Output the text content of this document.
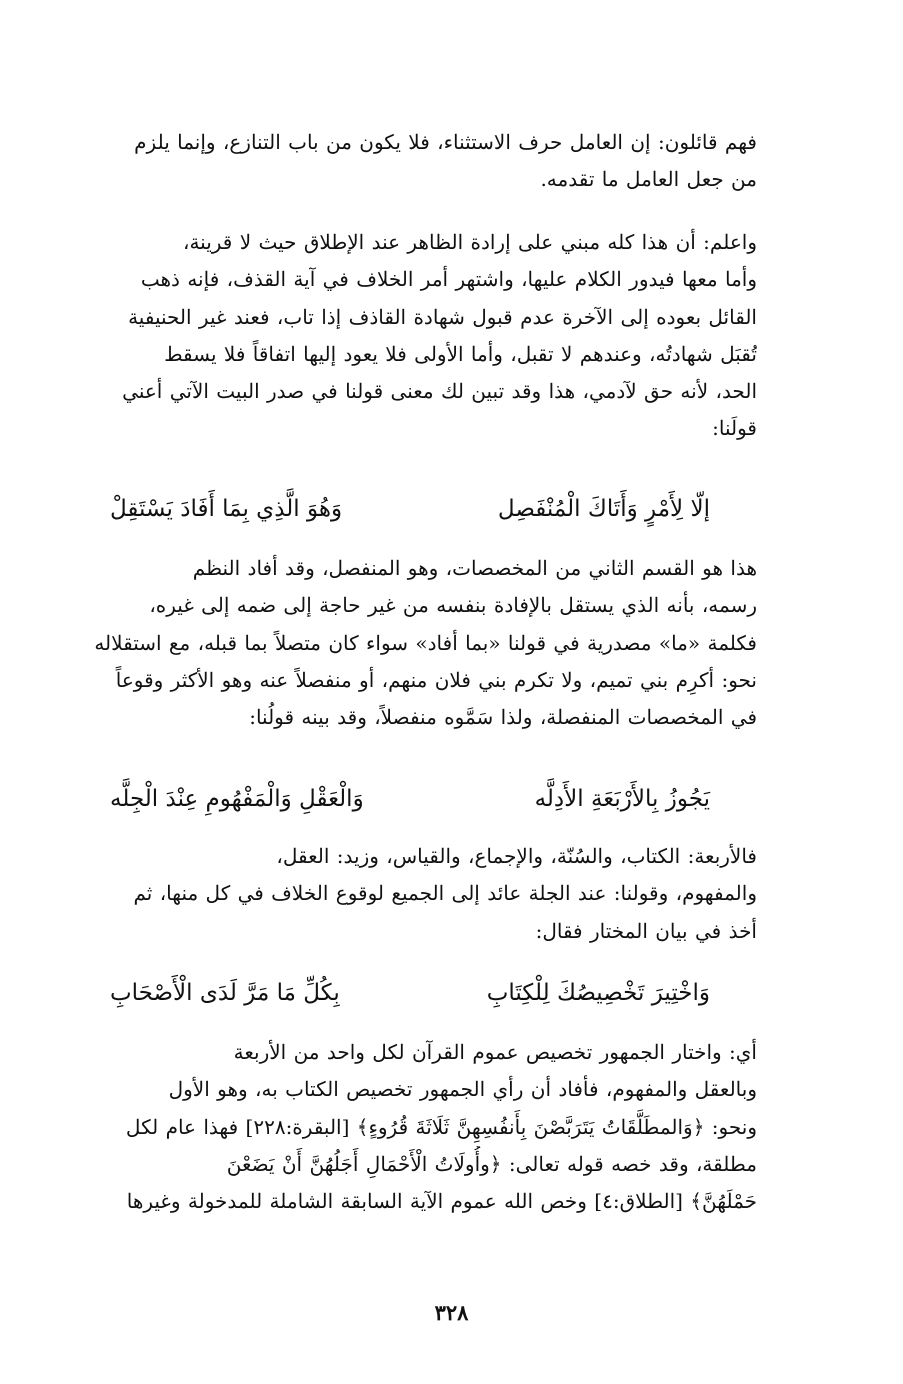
فهم قائلون: إن العامل حرف الاستثناء، فلا يكون من باب التنازع، وإنما يلزم
من جعل العامل ما تقدمه.
واعلم: أن هذا كله مبني على إرادة الظاهر عند الإطلاق حيث لا قرينة،
وأما معها فيدور الكلام عليها، واشتهر أمر الخلاف في آية القذف، فإنه ذهب
القائل بعوده إلى الآخرة عدم قبول شهادة القاذف إذا تاب، فعند غير الحنيفية
تُقبَل شهادتُه، وعندهم لا تقبل، وأما الأولى فلا يعود إليها اتفاقاً فلا يسقط
الحد، لأنه حق لآدمي، هذا وقد تبين لك معنى قولنا في صدر البيت الآتي أعني
قولَنا:
إلّا لِأَمْرٍ وَأَتَاكَ الْمُنْفَصِل
وَهُوَ الَّذِي بِمَا أَفَادَ يَسْتَقِلْ
هذا هو القسم الثاني من المخصصات، وهو المنفصل، وقد أفاد النظم
رسمه، بأنه الذي يستقل بالإفادة بنفسه من غير حاجة إلى ضمه إلى غيره،
فكلمة «ما» مصدرية في قولنا «بما أفاد» سواء كان متصلاً بما قبله، مع استقلاله
نحو: أكرِم بني تميم، ولا تكرم بني فلان منهم، أو منفصلاً عنه وهو الأكثر وقوعاً
في المخصصات المنفصلة، ولذا سَمَّوه منفصلاً، وقد بينه قولُنا:
يَجُوزُ بِالأَرْبَعَةِ الأَدِلَّه
وَالْعَقْلِ وَالْمَفْهُومِ عِنْدَ الْجِلَّه
فالأربعة: الكتاب، والسُنّة، والإجماع، والقياس، وزيد: العقل،
والمفهوم، وقولنا: عند الجلة عائد إلى الجميع لوقوع الخلاف في كل منها، ثم
أخذ في بيان المختار فقال:
وَاخْتِيرَ تَخْصِيصُكَ لِلْكِتَابِ
بِكُلِّ مَا مَرَّ لَدَى الْأَصْحَابِ
أي: واختار الجمهور تخصيص عموم القرآن لكل واحد من الأربعة
وبالعقل والمفهوم، فأفاد أن رأي الجمهور تخصيص الكتاب به، وهو الأول
ونحو: ﴿وَالمطَلَّقَاتُ يَتَرَبَّصْنَ بِأَنفُسِهِنَّ ثَلَاثَةَ قُرُوءٍ﴾ [البقرة:٢٢٨] فهذا عام لكل
مطلقة، وقد خصه قوله تعالى: ﴿وأُولَاتُ الْأَحْمَالِ أَجَلُهُنَّ أَنْ يَضَعْنَ
حَمْلَهُنَّ﴾ [الطلاق:٤] وخص الله عموم الآية السابقة الشاملة للمدخولة وغيرها
٣٢٨
